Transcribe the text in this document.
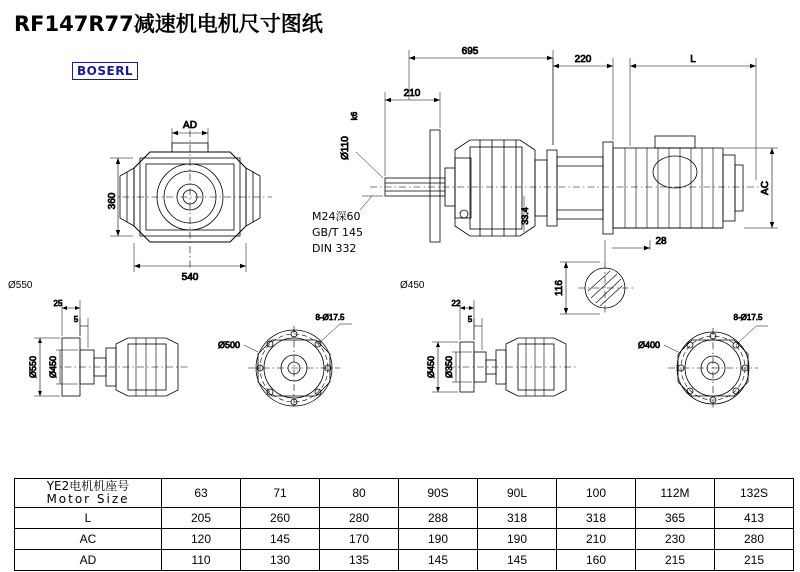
RF147R77减速机电机尺寸图纸
BOSERL
AD
360
540
695
210
220	L
AC
Ø110
k6
33.4
28
116
25
5
Ø550 Ø450
8-Ø17.5
Ø500
22
5
Ø450 Ø350
8-Ø17.5
Ø400
M24深60
GB/T 145
DIN 332
Ø550	Ø450
YE2电机机座号
Motor Size	63	71	80	90S	90L	100	112M	132S
L	205	260	280	288	318	318	365	413
AC	120	145	170	190	190	210	230	280
AD	110	130	135	145	145	160	215	215
